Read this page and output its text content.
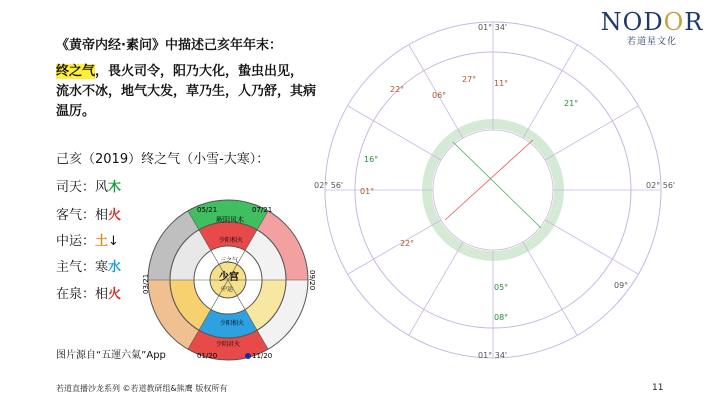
《黄帝内经·素问》中描述己亥年年末：
终之气，畏火司令，阳乃大化，蛰虫出见，流水不冰，地气大发，草乃生，人乃舒，其病温厉。
己亥（2019）终之气（小雪-大寒）：
司天：风木
客气：相火
中运：土↓
主气：寒水
在泉：相火
图片源自“五運六氣”App
05/21	07/21
03/21	09/20
01/20	11/20
厥阴风木
少阳相火
少阴君火
少阳相火
三之气
少宫
中运
01° 34'
01° 34'
02° 56'	02° 56'
22°
06°
27° 11°
21°
16°
01°
08°
05°
22°
09°
NODOR
若道星文化
若道直播沙龙系列 ©若道教研组&熊鹰 版权所有	11
